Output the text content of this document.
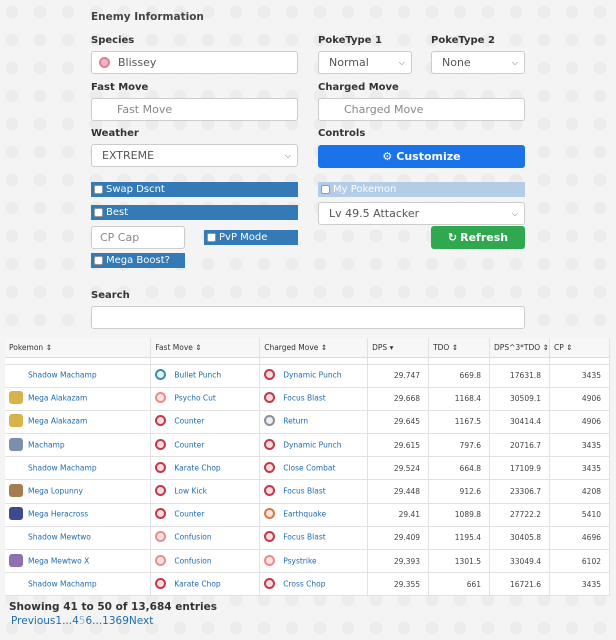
Enemy Information
Species
Blissey
PokeType 1
Normal	⌵
PokeType 2
None	⌵
Fast Move
Fast Move
Charged Move
Charged Move
Weather
EXTREME	⌵
Controls
⚙ Customize
Swap Dscnt
Best
CP Cap	PvP Mode
Mega Boost?
My Pokemon
Lv 49.5 Attacker	⌵
↻ Refresh
Search
Pokemon ⇕	Fast Move ⇕	Charged Move ⇕	DPS ▾	TDO ⇕	DPS^3*TDO ⇕	CP ⇕

Shadow Machamp	Bullet Punch	Dynamic Punch	29.747	669.8	17631.8	3435
Mega Alakazam	Psycho Cut	Focus Blast	29.668	1168.4	30509.1	4906
Mega Alakazam	Counter	Return	29.645	1167.5	30414.4	4906
Machamp	Counter	Dynamic Punch	29.615	797.6	20716.7	3435
Shadow Machamp	Karate Chop	Close Combat	29.524	664.8	17109.9	3435
Mega Lopunny	Low Kick	Focus Blast	29.448	912.6	23306.7	4208
Mega Heracross	Counter	Earthquake	29.41	1089.8	27722.2	5410
Shadow Mewtwo	Confusion	Focus Blast	29.409	1195.4	30405.8	4696
Mega Mewtwo X	Confusion	Psystrike	29.393	1301.5	33049.4	6102
Shadow Machamp	Karate Chop	Cross Chop	29.355	661	16721.6	3435
Showing 41 to 50 of 13,684 entries
Previous1...456...1369Next
